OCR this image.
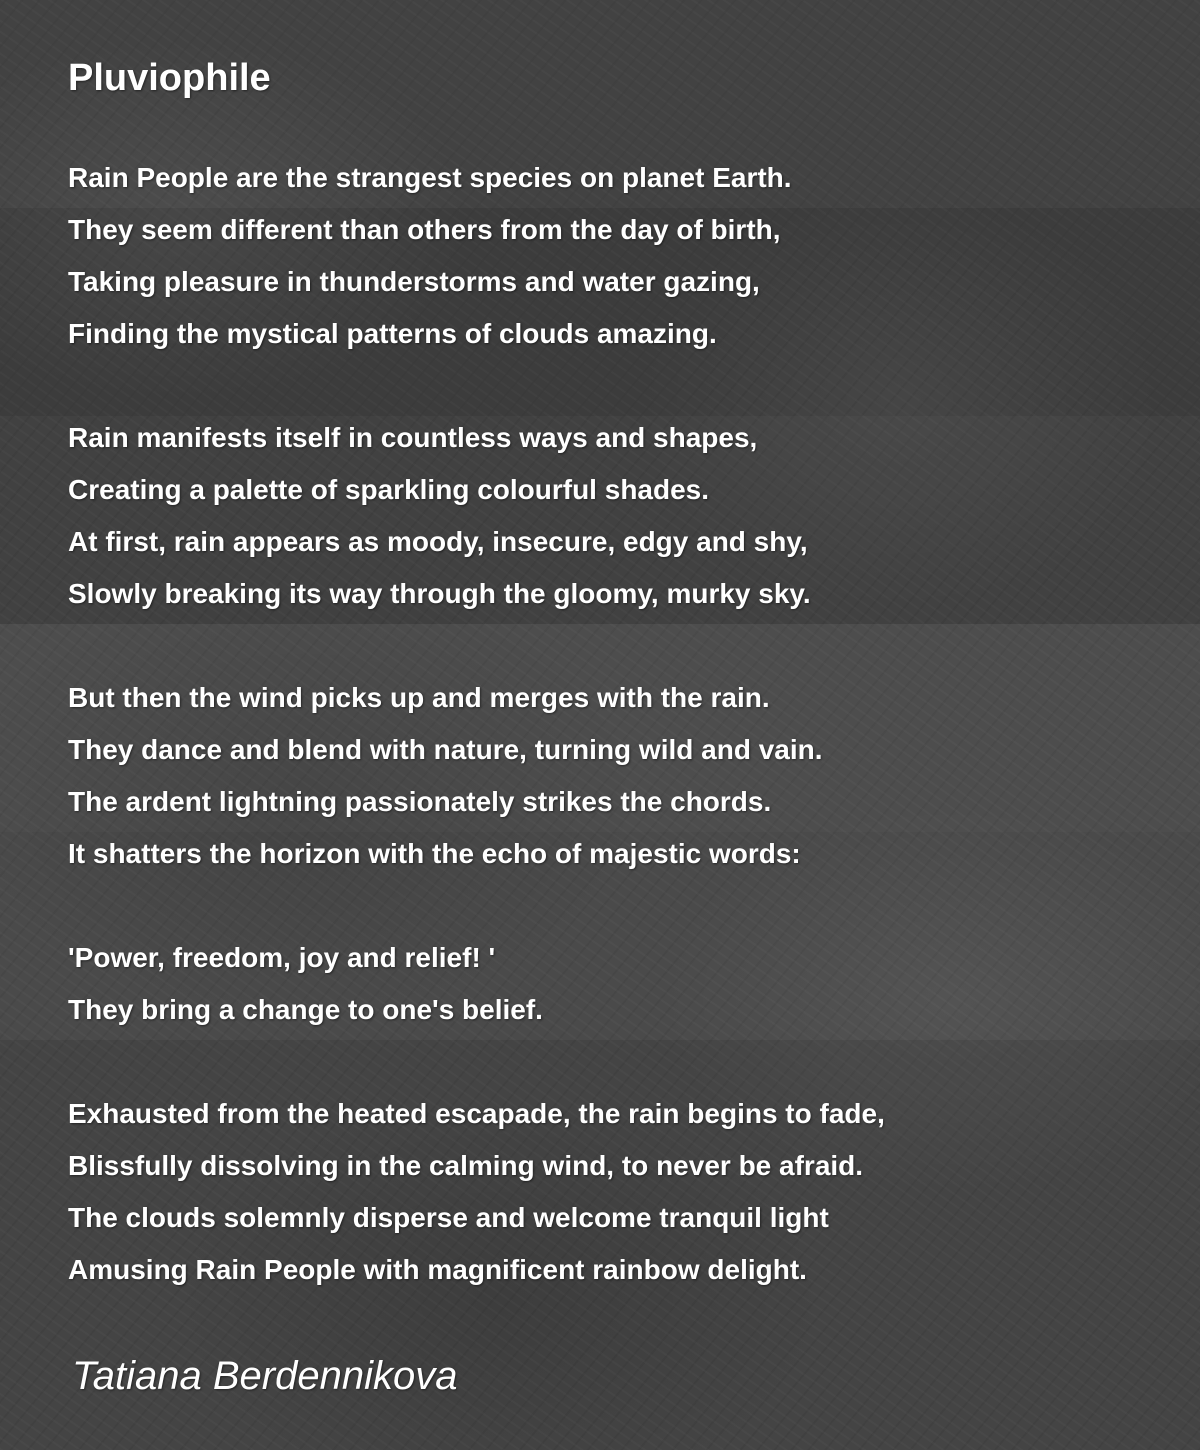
Pluviophile
Rain People are the strangest species on planet Earth.
They seem different than others from the day of birth,
Taking pleasure in thunderstorms and water gazing,
Finding the mystical patterns of clouds amazing.
Rain manifests itself in countless ways and shapes,
Creating a palette of sparkling colourful shades.
At first, rain appears as moody, insecure, edgy and shy,
Slowly breaking its way through the gloomy, murky sky.
But then the wind picks up and merges with the rain.
They dance and blend with nature, turning wild and vain.
The ardent lightning passionately strikes the chords.
It shatters the horizon with the echo of majestic words:
'Power, freedom, joy and relief! '
They bring a change to one's belief.
Exhausted from the heated escapade, the rain begins to fade,
Blissfully dissolving in the calming wind, to never be afraid.
The clouds solemnly disperse and welcome tranquil light
Amusing Rain People with magnificent rainbow delight.

Tatiana Berdennikova
